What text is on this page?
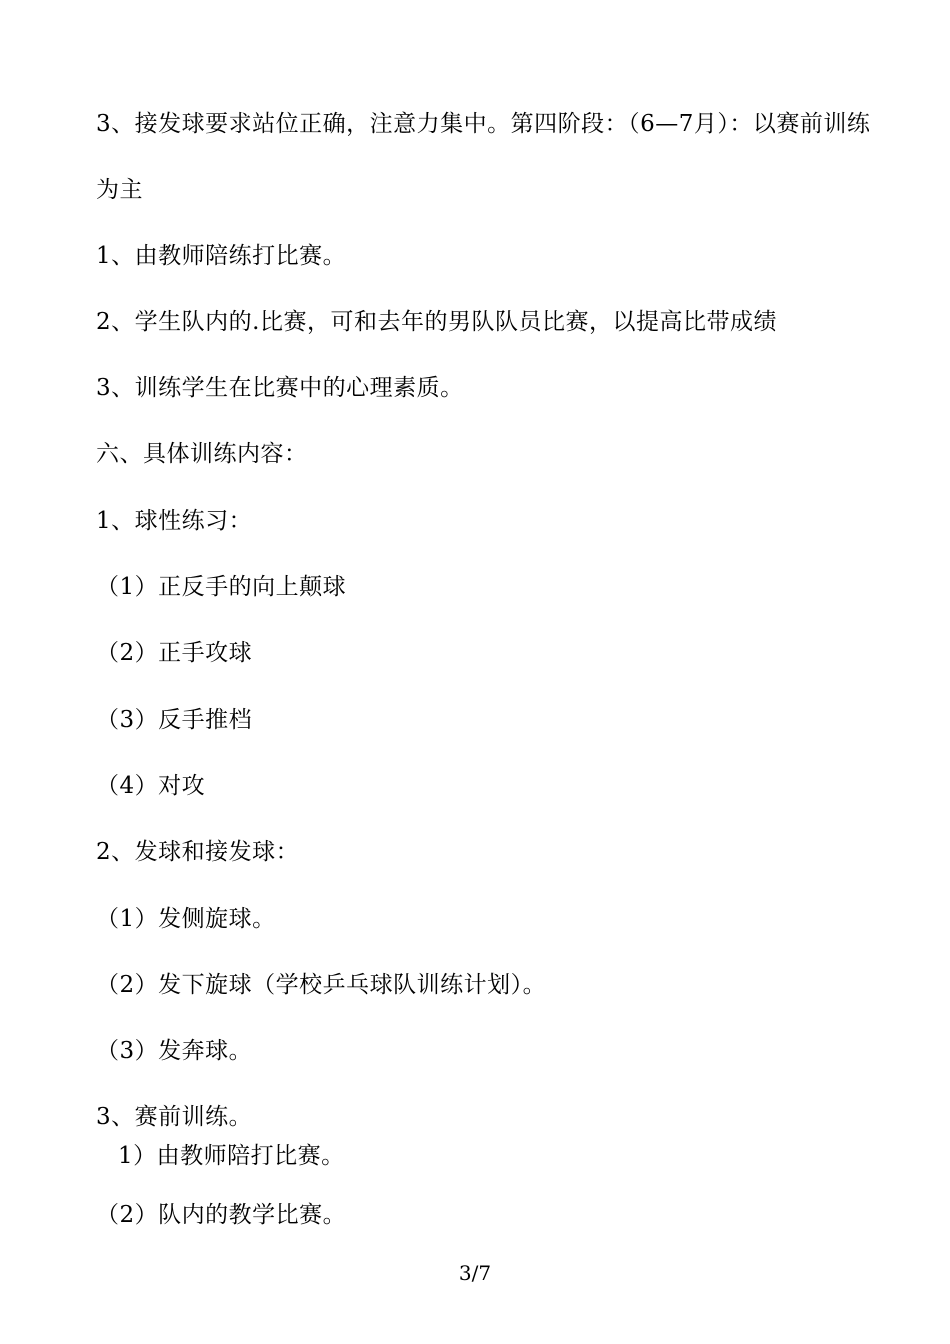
3、接发球要求站位正确，注意力集中。第四阶段：（6—7月）：以赛前训练
为主
1、由教师陪练打比赛。
2、学生队内的.比赛，可和去年的男队队员比赛，以提高比带成绩
3、训练学生在比赛中的心理素质。
六、具体训练内容：
1、球性练习：
（1）正反手的向上颠球
（2）正手攻球
（3）反手推档
（4）对攻
2、发球和接发球：
（1）发侧旋球。
（2）发下旋球（学校乒乓球队训练计划）。
（3）发奔球。
3、赛前训练。
1）由教师陪打比赛。
（2）队内的教学比赛。
3/7
